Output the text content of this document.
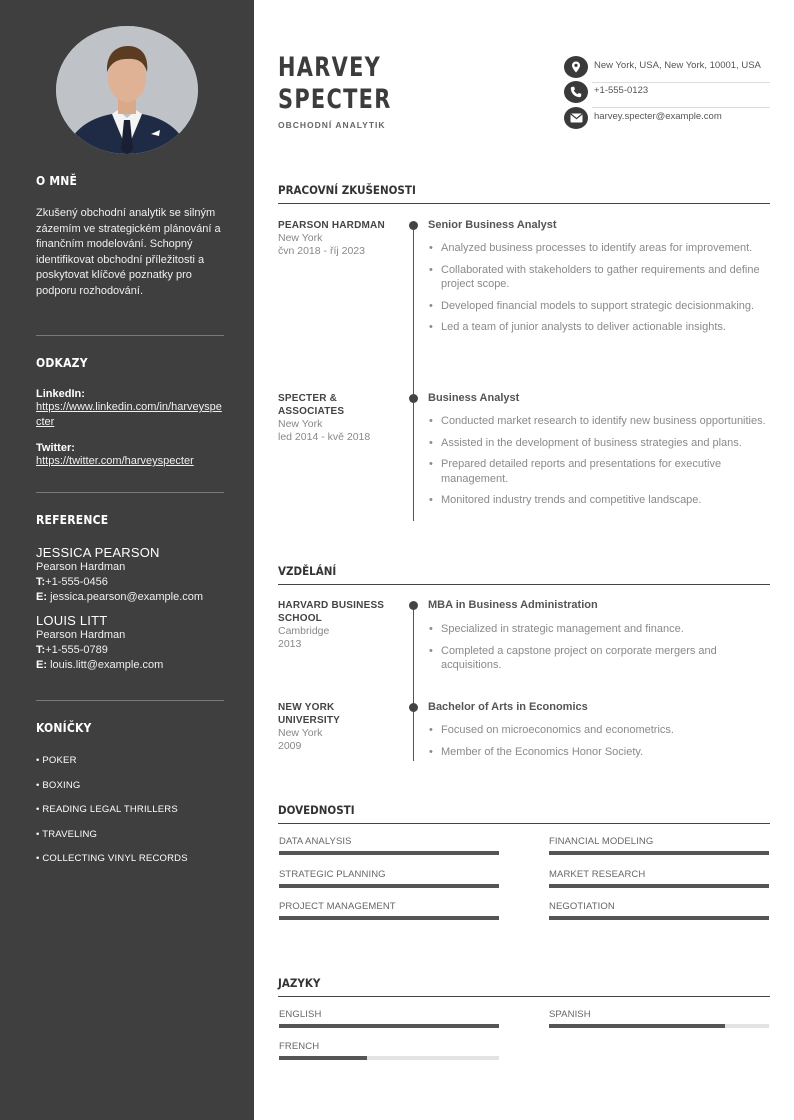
O MNĚ
Zkušený obchodní analytik se silným zázemím ve strategickém plánování a finančním modelování. Schopný identifikovat obchodní příležitosti a poskytovat klíčové poznatky pro podporu rozhodování.
ODKAZY
LinkedIn:
https://www.linkedin.com/in/harveyspecter
Twitter:
https://twitter.com/harveyspecter
REFERENCE
JESSICA PEARSON
Pearson Hardman
T:+1-555-0456
E: jessica.pearson@example.com
LOUIS LITT
Pearson Hardman
T:+1-555-0789
E: louis.litt@example.com
KONÍČKY
• POKER
• BOXING
• READING LEGAL THRILLERS
• TRAVELING
• COLLECTING VINYL RECORDS
HARVEY
SPECTER
OBCHODNÍ ANALYTIK
New York, USA, New York, 10001, USA
+1-555-0123
harvey.specter@example.com
PRACOVNÍ ZKUŠENOSTI
PEARSON HARDMAN
New York
čvn 2018 - říj 2023
Senior Business Analyst
• Analyzed business processes to identify areas for improvement.
• Collaborated with stakeholders to gather requirements and define project scope.
• Developed financial models to support strategic decisionmaking.
• Led a team of junior analysts to deliver actionable insights.
SPECTER & ASSOCIATES
New York
led 2014 - kvě 2018
Business Analyst
• Conducted market research to identify new business opportunities.
• Assisted in the development of business strategies and plans.
• Prepared detailed reports and presentations for executive management.
• Monitored industry trends and competitive landscape.
VZDĚLÁNÍ
HARVARD BUSINESS SCHOOL
Cambridge
2013
MBA in Business Administration
• Specialized in strategic management and finance.
• Completed a capstone project on corporate mergers and acquisitions.
NEW YORK UNIVERSITY
New York
2009
Bachelor of Arts in Economics
• Focused on microeconomics and econometrics.
• Member of the Economics Honor Society.
DOVEDNOSTI
DATA ANALYSIS	FINANCIAL MODELING
STRATEGIC PLANNING	MARKET RESEARCH
PROJECT MANAGEMENT	NEGOTIATION
JAZYKY
ENGLISH	SPANISH
FRENCH
